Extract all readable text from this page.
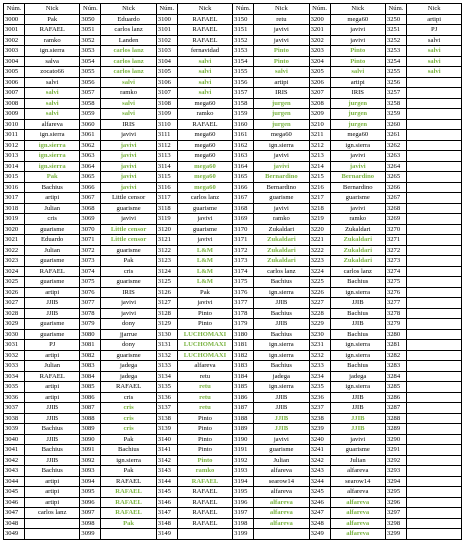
Núm.	Nick	Núm.	Nick	Núm.	Nick	Núm.	Nick	Núm.	Nick	Núm.	Nick
3000	Pak	3050	Eduardo	3100	RAFAEL	3150	retu	3200	mega60	3250	artipi
3001	RAFAEL	3051	carlos lanz	3101	RAFAEL	3151	javivi	3201	javivi	3251	PJ
3002	ramko	3052	Landen	3102	RAFAEL	3152	javivi	3202	javivi	3252	salvi
3003	ign.sierra	3053	carlos lanz	3103	fernavidad	3153	Pinto	3203	Pinto	3253	salvi
3004	salva	3054	carlos lanz	3104	salvi	3154	Pinto	3204	Pinto	3254	salvi
3005	zocato66	3055	carlos lanz	3105	salvi	3155	salvi	3205	salvi	3255	salvi
3006	salvi	3056	salvi	3106	salvi	3156	artipi	3206	artipi	3256	
3007	salvi	3057	ramko	3107	salvi	3157	IRIS	3207	IRIS	3257	
3008	salvi	3058	salvi	3108	mega60	3158	jurgen	3208	jurgen	3258	
3009	salvi	3059	salvi	3109	ramko	3159	jurgen	3209	jurgen	3259	
3010	alfareva	3060	IRIS	3110	RAFAEL	3160	jurgen	3210	jurgen	3260	
3011	ign.sierra	3061	javivi	3111	mega60	3161	mega60	3211	mega60	3261	
3012	ign.sierra	3062	javivi	3112	mega60	3162	ign.sierra	3212	ign.sierra	3262	
3013	ign.sierra	3063	javivi	3113	mega60	3163	javivi	3213	javivi	3263	
3014	ign.sierra	3064	javivi	3114	mega60	3164	javivi	3214	javivi	3264	
3015	Pak	3065	javivi	3115	mega60	3165	Bernardino	3215	Bernardino	3265	
3016	Bachius	3066	javivi	3116	mega60	3166	Bernardino	3216	Bernardino	3266	
3017	artipi	3067	Little censor	3117	carlos lanz	3167	guarisme	3217	guarisme	3267	
3018	Julian	3068	guarisme	3118	guarisme	3168	javivi	3218	javivi	3268	
3019	cris	3069	javivi	3119	javivi	3169	ramko	3219	ramko	3269	
3020	guarisme	3070	Little censor	3120	guarisme	3170	Zukaldari	3220	Zukaldari	3270	
3021	Eduardo	3071	Little censor	3121	javivi	3171	Zukaldari	3221	Zukaldari	3271	
3022	Julian	3072	guarisme	3122	L&M	3172	Zukaldari	3222	Zukaldari	3272	
3023	guarisme	3073	Pak	3123	L&M	3173	Zukaldari	3223	Zukaldari	3273	
3024	RAFAEL	3074	cris	3124	L&M	3174	carlos lanz	3224	carlos lanz	3274	
3025	guarisme	3075	guarisme	3125	L&M	3175	Bachius	3225	Bachius	3275	
3026	artipi	3076	IRIS	3126	Pak	3176	ign.sierra	3226	ign.sierra	3276	
3027	JJIB	3077	javivi	3127	javivi	3177	JJIB	3227	JJIB	3277	
3028	JJIB	3078	javivi	3128	Pinto	3178	Bachius	3228	Bachius	3278	
3029	guarisme	3079	dony	3129	Pinto	3179	JJIB	3229	JJIB	3279	
3030	guarisme	3080	jjarrue	3130	LUCHOMAXI	3180	Bachius	3230	Bachius	3280	
3031	PJ	3081	dony	3131	LUCHOMAXI	3181	ign.sierra	3231	ign.sierra	3281	
3032	artipi	3082	guarisme	3132	LUCHOMAXI	3182	ign.sierra	3232	ign.sierra	3282	
3033	Julian	3083	jadega	3133	alfareva	3183	Bachius	3233	Bachius	3283	
3034	RAFAEL	3084	jadega	3134	retu	3184	jadega	3234	jadega	3284	
3035	artipi	3085	RAFAEL	3135	retu	3185	ign.sierra	3235	ign.sierra	3285	
3036	artipi	3086	cris	3136	retu	3186	JJIB	3236	JJIB	3286	
3037	JJIB	3087	cris	3137	retu	3187	JJIB	3237	JJIB	3287	
3038	JJIB	3088	cris	3138	Pinto	3188	JJIB	3238	JJIB	3288	
3039	Bachius	3089	cris	3139	Pinto	3189	JJIB	3239	JJIB	3289	
3040	JJIB	3090	Pak	3140	Pinto	3190	javivi	3240	javivi	3290	
3041	Bachius	3091	Bachius	3141	Pinto	3191	guarisme	3241	guarisme	3291	
3042	JJIB	3092	ign.sierra	3142	Pinto	3192	Julian	3242	Julian	3292	
3043	Bachius	3093	Pak	3143	ramko	3193	alfareva	3243	alfareva	3293	
3044	artipi	3094	RAFAEL	3144	RAFAEL	3194	searow14	3244	searow14	3294	
3045	artipi	3095	RAFAEL	3145	RAFAEL	3195	alfareva	3245	alfareva	3295	
3046	artipi	3096	RAFAEL	3146	RAFAEL	3196	alfareva	3246	alfareva	3296	
3047	carlos lanz	3097	RAFAEL	3147	RAFAEL	3197	alfareva	3247	alfareva	3297	
3048		3098	Pak	3148	RAFAEL	3198	alfareva	3248	alfareva	3298	
3049		3099		3149		3199		3249	alfareva	3299	
